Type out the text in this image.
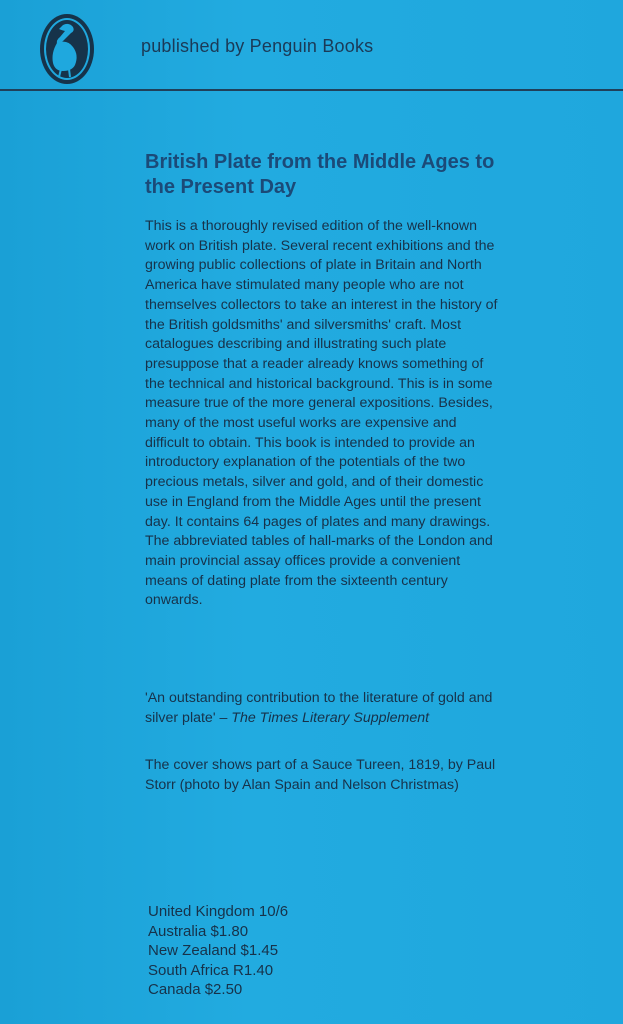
published by Penguin Books
British Plate from the Middle Ages to the Present Day

This is a thoroughly revised edition of the well-known work on British plate. Several recent exhibitions and the growing public collections of plate in Britain and North America have stimulated many people who are not themselves collectors to take an interest in the history of the British goldsmiths' and silversmiths' craft. Most catalogues describing and illustrating such plate presuppose that a reader already knows something of the technical and historical background. This is in some measure true of the more general expositions. Besides, many of the most useful works are expensive and difficult to obtain. This book is intended to provide an introductory explanation of the potentials of the two precious metals, silver and gold, and of their domestic use in England from the Middle Ages until the present day. It contains 64 pages of plates and many drawings. The abbreviated tables of hall-marks of the London and main provincial assay offices provide a convenient means of dating plate from the sixteenth century onwards.

'An outstanding contribution to the literature of gold and silver plate' – The Times Literary Supplement
The cover shows part of a Sauce Tureen, 1819, by Paul Storr (photo by Alan Spain and Nelson Christmas)
United Kingdom 10/6
Australia $1.80
New Zealand $1.45
South Africa R1.40
Canada $2.50
